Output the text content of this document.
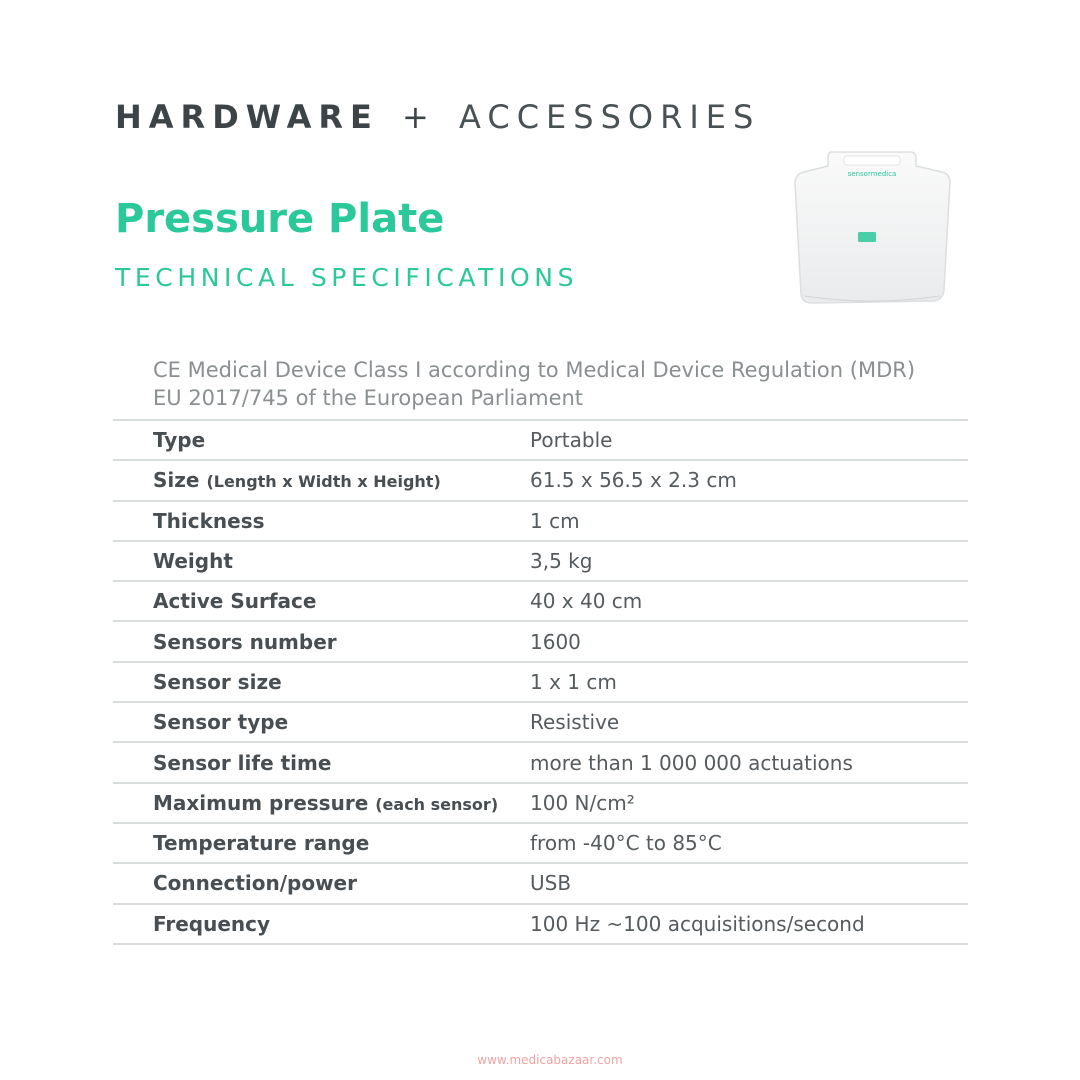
HARDWARE + ACCESSORIES
Pressure Plate
TECHNICAL SPECIFICATIONS
sensormedica
CE Medical Device Class I according to Medical Device Regulation (MDR)
EU 2017/745 of the European Parliament
Type	Portable
Size (Length x Width x Height)	61.5 x 56.5 x 2.3 cm
Thickness	1 cm
Weight	3,5 kg
Active Surface	40 x 40 cm
Sensors number	1600
Sensor size	1 x 1 cm
Sensor type	Resistive
Sensor life time	more than 1 000 000 actuations
Maximum pressure (each sensor)	100 N/cm²
Temperature range	from -40°C to 85°C
Connection/power	USB
Frequency	100 Hz ~100 acquisitions/second
www.medicabazaar.com
